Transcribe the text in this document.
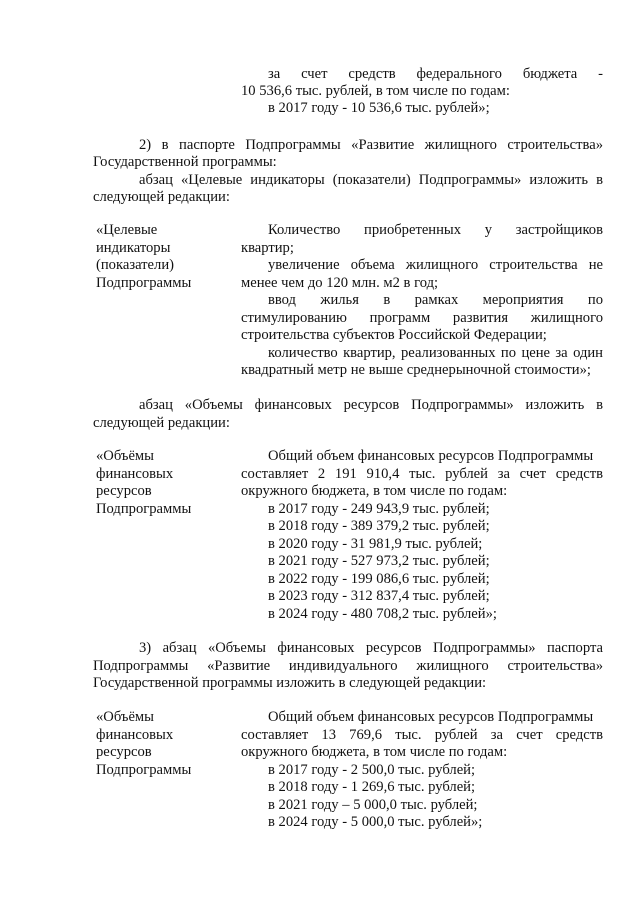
за счет средств федерального бюджета -
10 536,6 тыс. рублей, в том числе по годам:
в 2017 году - 10 536,6 тыс. рублей»;
2) в паспорте Подпрограммы «Развитие жилищного строительства»
Государственной программы:
абзац «Целевые индикаторы (показатели) Подпрограммы» изложить в
следующей редакции:
«Целевые
индикаторы
(показатели)
Подпрограммы
Количество приобретенных у застройщиков
квартир;
увеличение объема жилищного строительства не
менее чем до 120 млн. м2 в год;
ввод жилья в рамках мероприятия по
стимулированию программ развития жилищного
строительства субъектов Российской Федерации;
количество квартир, реализованных по цене за один
квадратный метр не выше среднерыночной стоимости»;
абзац «Объемы финансовых ресурсов Подпрограммы» изложить в
следующей редакции:
«Объёмы
финансовых
ресурсов
Подпрограммы
Общий объем финансовых ресурсов Подпрограммы
составляет 2 191 910,4 тыс. рублей за счет средств
окружного бюджета, в том числе по годам:
в 2017 году - 249 943,9 тыс. рублей;
в 2018 году - 389 379,2 тыс. рублей;
в 2020 году - 31 981,9 тыс. рублей;
в 2021 году - 527 973,2 тыс. рублей;
в 2022 году - 199 086,6 тыс. рублей;
в 2023 году - 312 837,4 тыс. рублей;
в 2024 году - 480 708,2 тыс. рублей»;
3) абзац «Объемы финансовых ресурсов Подпрограммы» паспорта
Подпрограммы «Развитие индивидуального жилищного строительства»
Государственной программы изложить в следующей редакции:
«Объёмы
финансовых
ресурсов
Подпрограммы
Общий объем финансовых ресурсов Подпрограммы
составляет 13 769,6 тыс. рублей за счет средств
окружного бюджета, в том числе по годам:
в 2017 году - 2 500,0 тыс. рублей;
в 2018 году - 1 269,6 тыс. рублей;
в 2021 году – 5 000,0 тыс. рублей;
в 2024 году - 5 000,0 тыс. рублей»;
